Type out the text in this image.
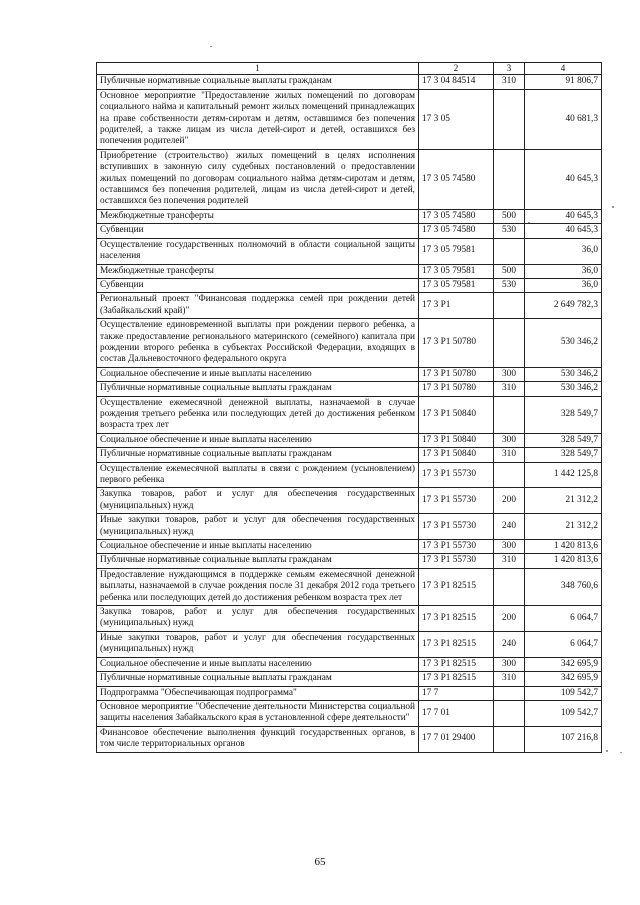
1	2	3	4
Публичные нормативные социальные выплаты гражданам	17 3 04 84514	310	91 806,7
Основное мероприятие "Предоставление жилых помещений по договорам социального найма и капитальный ремонт жилых помещений принадлежащих на праве собственности детям-сиротам и детям, оставшимся без попечения родителей, а также лицам из числа детей-сирот и детей, оставшихся без попечения родителей"	17 3 05		40 681,3
Приобретение (строительство) жилых помещений в целях исполнения вступивших в законную силу судебных постановлений о предоставлении жилых помещений по договорам социального найма детям-сиротам и детям, оставшимся без попечения родителей, лицам из числа детей-сирот и детей, оставшихся без попечения родителей	17 3 05 74580		40 645,3
Межбюджетные трансферты	17 3 05 74580	500	40 645,3
Субвенции	17 3 05 74580	530	40 645,3
Осуществление государственных полномочий в области социальной защиты населения	17 3 05 79581		36,0
Межбюджетные трансферты	17 3 05 79581	500	36,0
Субвенции	17 3 05 79581	530	36,0
Региональный проект "Финансовая поддержка семей при рождении детей (Забайкальский край)"	17 3 P1		2 649 782,3
Осуществление единовременной выплаты при рождении первого ребенка, а также предоставление регионального материнского (семейного) капитала при рождении второго ребенка в субъектах Российской Федерации, входящих в состав Дальневосточного федерального округа	17 3 P1 50780		530 346,2
Социальное обеспечение и иные выплаты населению	17 3 P1 50780	300	530 346,2
Публичные нормативные социальные выплаты гражданам	17 3 P1 50780	310	530 346,2
Осуществление ежемесячной денежной выплаты, назначаемой в случае рождения третьего ребенка или последующих детей до достижения ребенком возраста трех лет	17 3 P1 50840		328 549,7
Социальное обеспечение и иные выплаты населению	17 3 P1 50840	300	328 549,7
Публичные нормативные социальные выплаты гражданам	17 3 P1 50840	310	328 549,7
Осуществление ежемесячной выплаты в связи с рождением (усыновлением) первого ребенка	17 3 P1 55730		1 442 125,8
Закупка товаров, работ и услуг для обеспечения государственных (муниципальных) нужд	17 3 P1 55730	200	21 312,2
Иные закупки товаров, работ и услуг для обеспечения государственных (муниципальных) нужд	17 3 P1 55730	240	21 312,2
Социальное обеспечение и иные выплаты населению	17 3 P1 55730	300	1 420 813,6
Публичные нормативные социальные выплаты гражданам	17 3 P1 55730	310	1 420 813,6
Предоставление нуждающимся в поддержке семьям ежемесячной денежной выплаты, назначаемой в случае рождения после 31 декабря 2012 года третьего ребенка или последующих детей до достижения ребенком возраста трех лет	17 3 P1 82515		348 760,6
Закупка товаров, работ и услуг для обеспечения государственных (муниципальных) нужд	17 3 P1 82515	200	6 064,7
Иные закупки товаров, работ и услуг для обеспечения государственных (муниципальных) нужд	17 3 P1 82515	240	6 064,7
Социальное обеспечение и иные выплаты населению	17 3 P1 82515	300	342 695,9
Публичные нормативные социальные выплаты гражданам	17 3 P1 82515	310	342 695,9
Подпрограмма "Обеспечивающая подпрограмма"	17 7		109 542,7
Основное мероприятие "Обеспечение деятельности Министерства социальной защиты населения Забайкальского края в установленной сфере деятельности"	17 7 01		109 542,7
Финансовое обеспечение выполнения функций государственных органов, в том числе территориальных органов	17 7 01 29400		107 216,8
65
